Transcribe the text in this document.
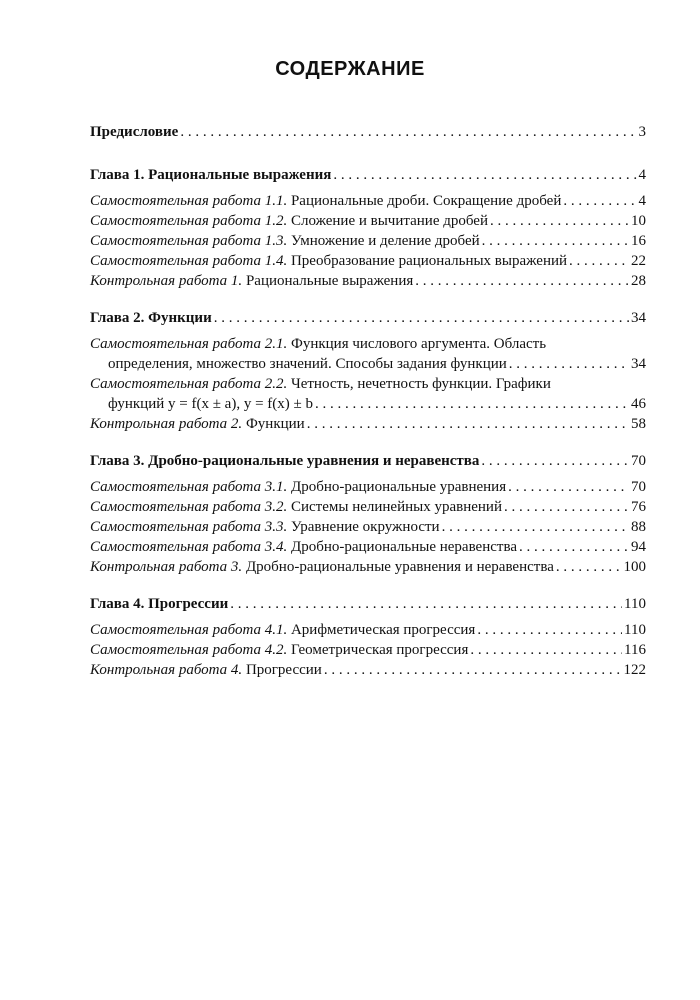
СОДЕРЖАНИЕ
Предисловие . . .	3
Глава 1. Рациональные выражения . . .	4
Самостоятельная работа 1.1. Рациональные дроби. Сокращение дробей . . .	4
Самостоятельная работа 1.2. Сложение и вычитание дробей . . .	10
Самостоятельная работа 1.3. Умножение и деление дробей . . .	16
Самостоятельная работа 1.4. Преобразование рациональных выражений . . .	22
Контрольная работа 1. Рациональные выражения . . .	28
Глава 2. Функции . . .	34
Самостоятельная работа 2.1. Функция числового аргумента. Область
определения, множество значений. Способы задания функции . . .	34
Самостоятельная работа 2.2. Четность, нечетность функции. Графики
функций y = f(x ± a), y = f(x) ± b . . .	46
Контрольная работа 2. Функции . . .	58
Глава 3. Дробно-рациональные уравнения и неравенства . . .	70
Самостоятельная работа 3.1. Дробно-рациональные уравнения . . .	70
Самостоятельная работа 3.2. Системы нелинейных уравнений . . .	76
Самостоятельная работа 3.3. Уравнение окружности . . .	88
Самостоятельная работа 3.4. Дробно-рациональные неравенства . . .	94
Контрольная работа 3. Дробно-рациональные уравнения и неравенства . . .	100
Глава 4. Прогрессии . . .	110
Самостоятельная работа 4.1. Арифметическая прогрессия . . .	110
Самостоятельная работа 4.2. Геометрическая прогрессия . . .	116
Контрольная работа 4. Прогрессии . . .	122
